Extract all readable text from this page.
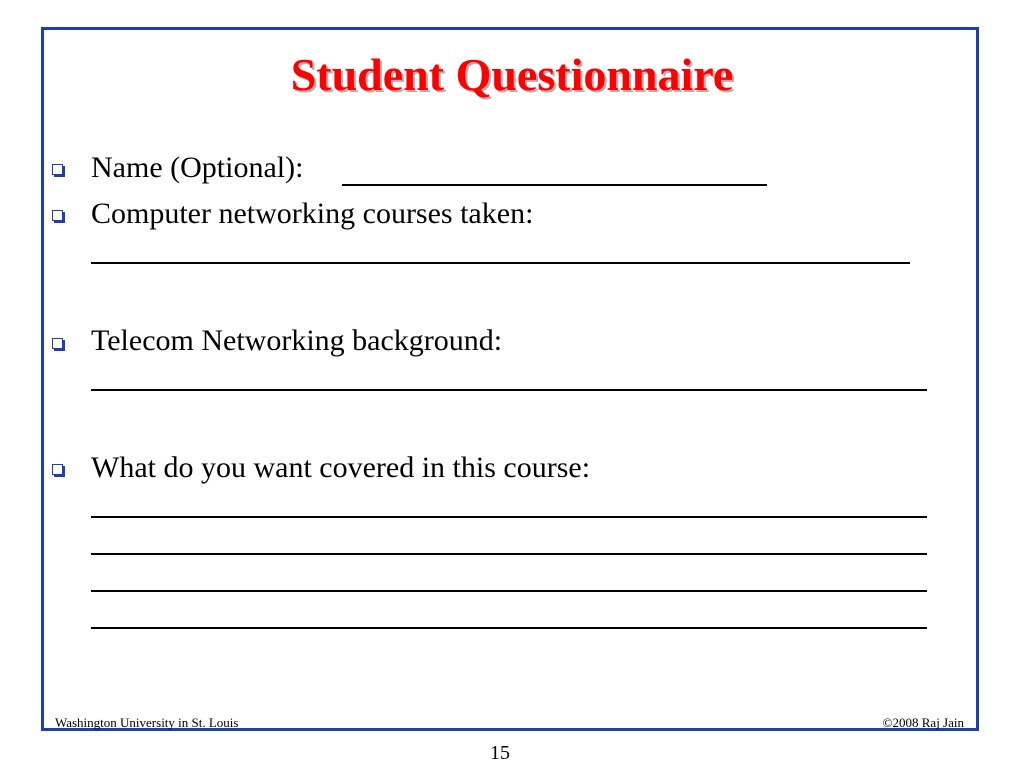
Student Questionnaire
Name (Optional):
Computer networking courses taken:
Telecom Networking background:
What do you want covered in this course:
Washington University in St. Louis	©2008 Raj Jain
15
